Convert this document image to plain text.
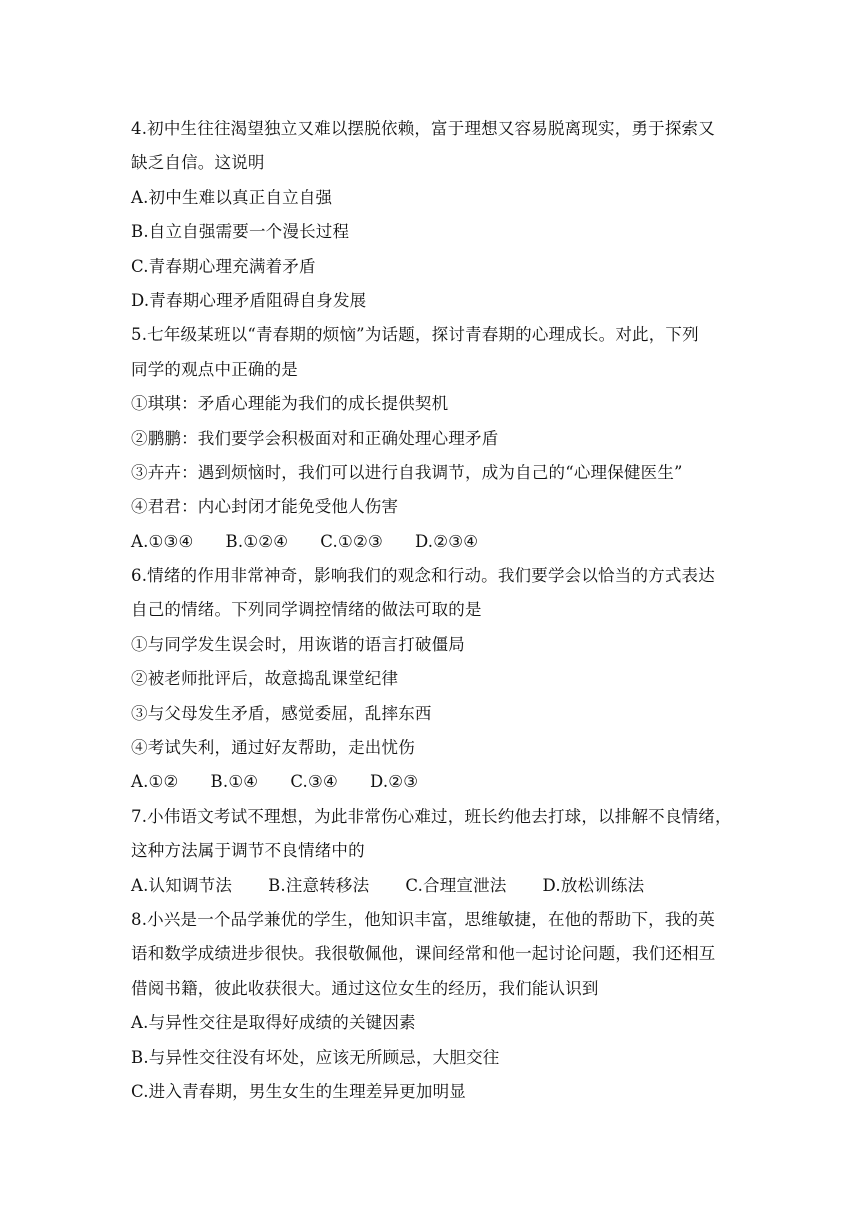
4.初中生往往渴望独立又难以摆脱依赖，富于理想又容易脱离现实，勇于探索又
缺乏自信。这说明
A.初中生难以真正自立自强
B.自立自强需要一个漫长过程
C.青春期心理充满着矛盾
D.青春期心理矛盾阻碍自身发展
5.七年级某班以“青春期的烦恼”为话题，探讨青春期的心理成长。对此，下列
同学的观点中正确的是
①琪琪：矛盾心理能为我们的成长提供契机
②鹏鹏：我们要学会积极面对和正确处理心理矛盾
③卉卉：遇到烦恼时，我们可以进行自我调节，成为自己的“心理保健医生”
④君君：内心封闭才能免受他人伤害
A.①③④ B.①②④ C.①②③ D.②③④
6.情绪的作用非常神奇，影响我们的观念和行动。我们要学会以恰当的方式表达
自己的情绪。下列同学调控情绪的做法可取的是
①与同学发生误会时，用诙谐的语言打破僵局
②被老师批评后，故意捣乱课堂纪律
③与父母发生矛盾，感觉委屈，乱摔东西
④考试失利，通过好友帮助，走出忧伤
A.①② B.①④ C.③④ D.②③
7.小伟语文考试不理想，为此非常伤心难过，班长约他去打球，以排解不良情绪，
这种方法属于调节不良情绪中的
A.认知调节法 B.注意转移法 C.合理宣泄法 D.放松训练法
8.小兴是一个品学兼优的学生，他知识丰富，思维敏捷，在他的帮助下，我的英
语和数学成绩进步很快。我很敬佩他，课间经常和他一起讨论问题，我们还相互
借阅书籍，彼此收获很大。通过这位女生的经历，我们能认识到
A.与异性交往是取得好成绩的关键因素
B.与异性交往没有坏处，应该无所顾忌，大胆交往
C.进入青春期，男生女生的生理差异更加明显
